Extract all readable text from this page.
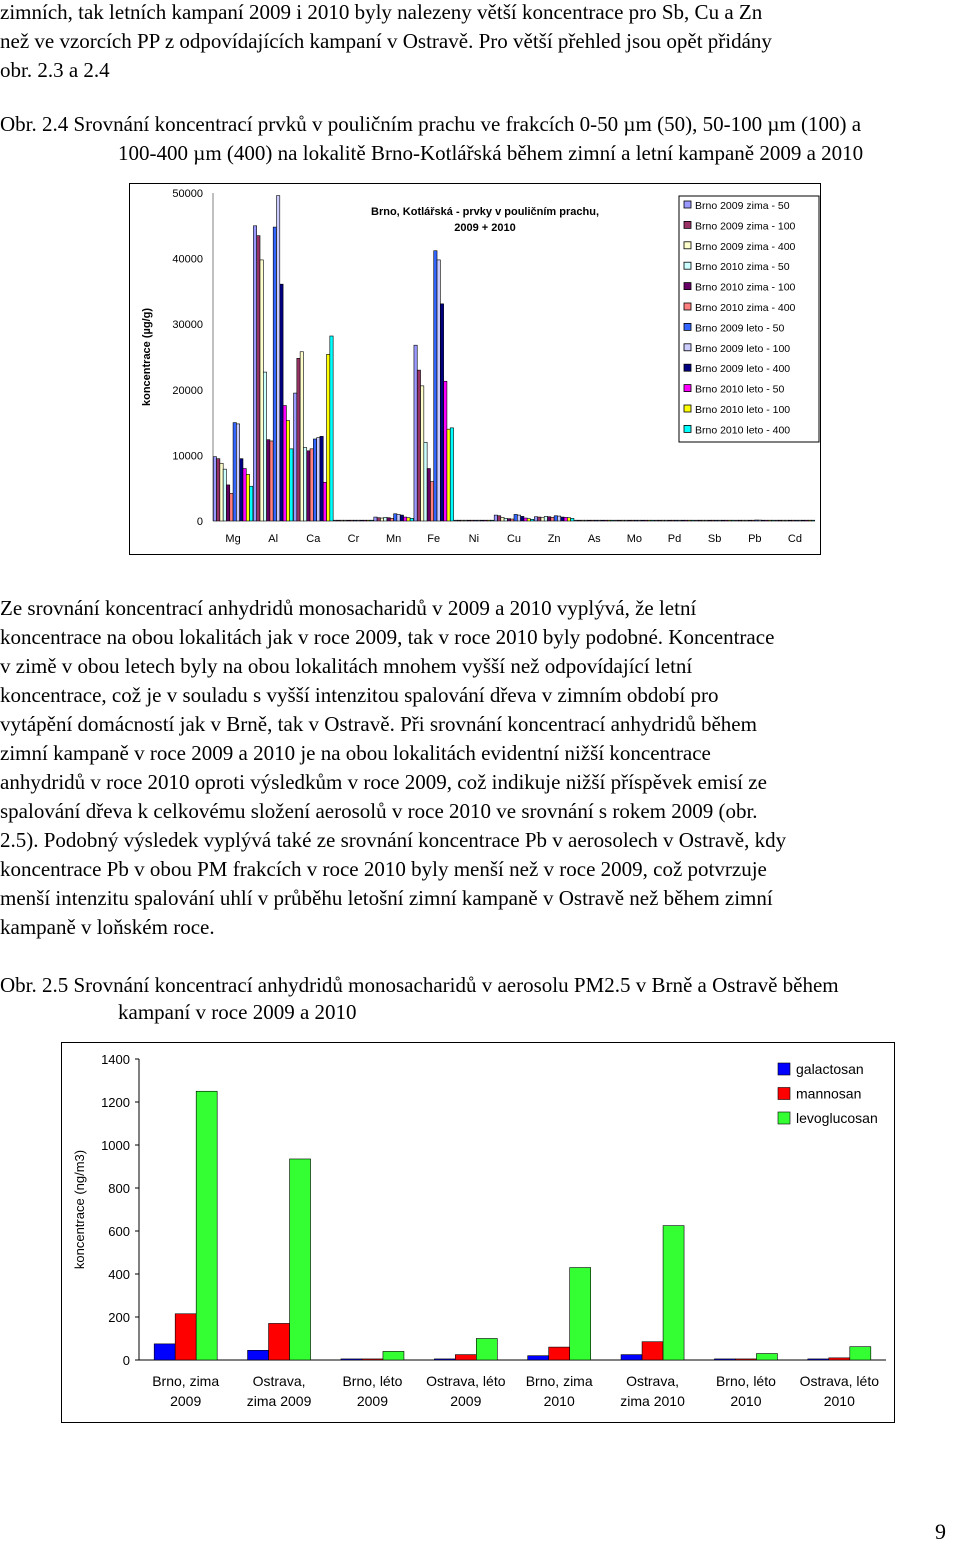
zimních, tak letních kampaní 2009 i 2010 byly nalezeny větší koncentrace pro Sb, Cu a Zn
než ve vzorcích PP z odpovídajících kampaní v Ostravě. Pro větší přehled jsou opět přidány
obr. 2.3 a 2.4
Obr. 2.4 Srovnání koncentrací prvků v pouličním prachu ve frakcích 0-50 µm (50), 50-100 µm (100) a
100-400 µm (400) na lokalitě Brno-Kotlářská během zimní a letní kampaně 2009 a 2010
0
10000
20000
30000
40000
50000
koncentrace (µg/g)
Brno, Kotlářská - prvky v pouličním prachu, 2009 + 2010
Mg	Al	Ca Cr Mn Fe	Ni	Cu Zn As Mo Pd Sb Pb Cd
Brno 2009 zima - 50
Brno 2009 zima - 100
Brno 2009 zima - 400
Brno 2010 zima - 50
Brno 2010 zima - 100
Brno 2010 zima - 400
Brno 2009 leto - 50
Brno 2009 leto - 100
Brno 2009 leto - 400
Brno 2010 leto - 50
Brno 2010 leto - 100
Brno 2010 leto - 400
Ze srovnání koncentrací anhydridů monosacharidů v 2009 a 2010 vyplývá, že letní
koncentrace na obou lokalitách jak v roce 2009, tak v roce 2010 byly podobné. Koncentrace
v zimě v obou letech byly na obou lokalitách mnohem vyšší než odpovídající letní
koncentrace, což je v souladu s vyšší intenzitou spalování dřeva v zimním období pro
vytápění domácností jak v Brně, tak v Ostravě. Při srovnání koncentrací anhydridů během
zimní kampaně v roce 2009 a 2010 je na obou lokalitách evidentní nižší koncentrace
anhydridů v roce 2010 oproti výsledkům v roce 2009, což indikuje nižší příspěvek emisí ze
spalování dřeva k celkovému složení aerosolů v roce 2010 ve srovnání s rokem 2009 (obr.
2.5). Podobný výsledek vyplývá také ze srovnání koncentrace Pb v aerosolech v Ostravě, kdy
koncentrace Pb v obou PM frakcích v roce 2010 byly menší než v roce 2009, což potvrzuje
menší intenzitu spalování uhlí v průběhu letošní zimní kampaně v Ostravě než během zimní
kampaně v loňském roce.
Obr. 2.5 Srovnání koncentrací anhydridů monosacharidů v aerosolu PM2.5 v Brně a Ostravě během
kampaní v roce 2009 a 2010
0
200
400
600
800
1000
1200
1400
koncentrace (ng/m3)
Brno, zima
2009
Ostrava,
zima 2009
Brno, léto
2009
Ostrava, léto
2009
Brno, zima
2010
Ostrava,
zima 2010
Brno, léto
2010
Ostrava, léto
2010
galactosan
mannosan
levoglucosan
9
